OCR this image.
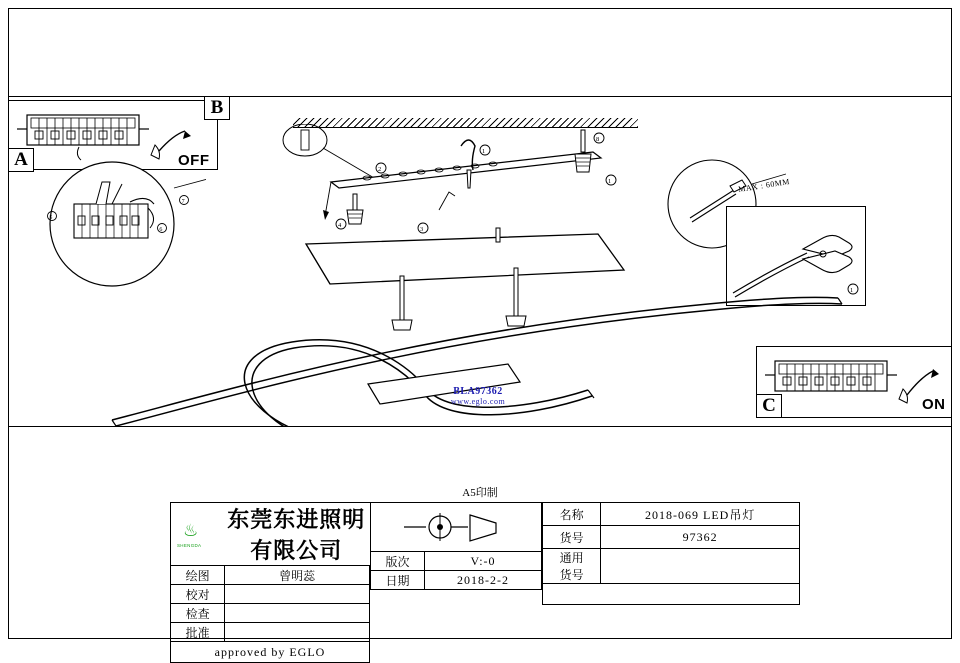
A
B
OFF
5
6
7
2
3
4
1
8
1	MAX : 60MM
1
BLA97362
www.eglo.com	C	ON
A5印制
♨
SHENGDA
东莞东进照明有限公司	

绘图	曾明蕊
校对	
检查	
批准	
approved by EGLO	

版次	V:-0
日期	2018-2-2
名称	2018-069 LED吊灯
货号	97362
通用	
货号	
